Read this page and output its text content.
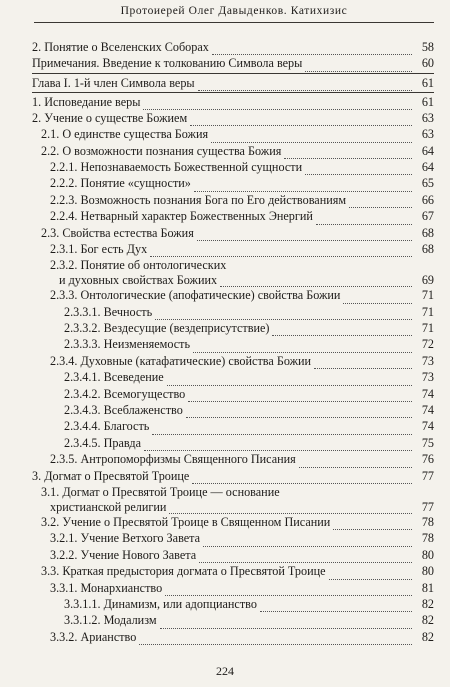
Протоиерей Олег Давыденков. Катихизис
2. Понятие о Вселенских Соборах	58
Примечания. Введение к толкованию Символа веры	60
Глава I. 1-й член Символа веры	61
1. Исповедание веры	61
2. Учение о существе Божием	63
2.1. О единстве существа Божия	63
2.2. О возможности познания существа Божия	64
2.2.1. Непознаваемость Божественной сущности	64
2.2.2. Понятие «сущности»	65
2.2.3. Возможность познания Бога по Его действованиям	66
2.2.4. Нетварный характер Божественных Энергий	67
2.3. Свойства естества Божия	68
2.3.1. Бог есть Дух	68
2.3.2. Понятие об онтологических
и духовных свойствах Божиих	69
2.3.3. Онтологические (апофатические) свойства Божии	71
2.3.3.1. Вечность	71
2.3.3.2. Вездесущие (вездеприсутствие)	71
2.3.3.3. Неизменяемость	72
2.3.4. Духовные (катафатические) свойства Божии	73
2.3.4.1. Всеведение	73
2.3.4.2. Всемогущество	74
2.3.4.3. Всеблаженство	74
2.3.4.4. Благость	74
2.3.4.5. Правда	75
2.3.5. Антропоморфизмы Священного Писания	76
3. Догмат о Пресвятой Троице	77
3.1. Догмат о Пресвятой Троице — основание
христианской религии	77
3.2. Учение о Пресвятой Троице в Священном Писании	78
3.2.1. Учение Ветхого Завета	78
3.2.2. Учение Нового Завета	80
3.3. Краткая предыстория догмата о Пресвятой Троице	80
3.3.1. Монархианство	81
3.3.1.1. Динамизм, или адопцианство	82
3.3.1.2. Модализм	82
3.3.2. Арианство	82
224
